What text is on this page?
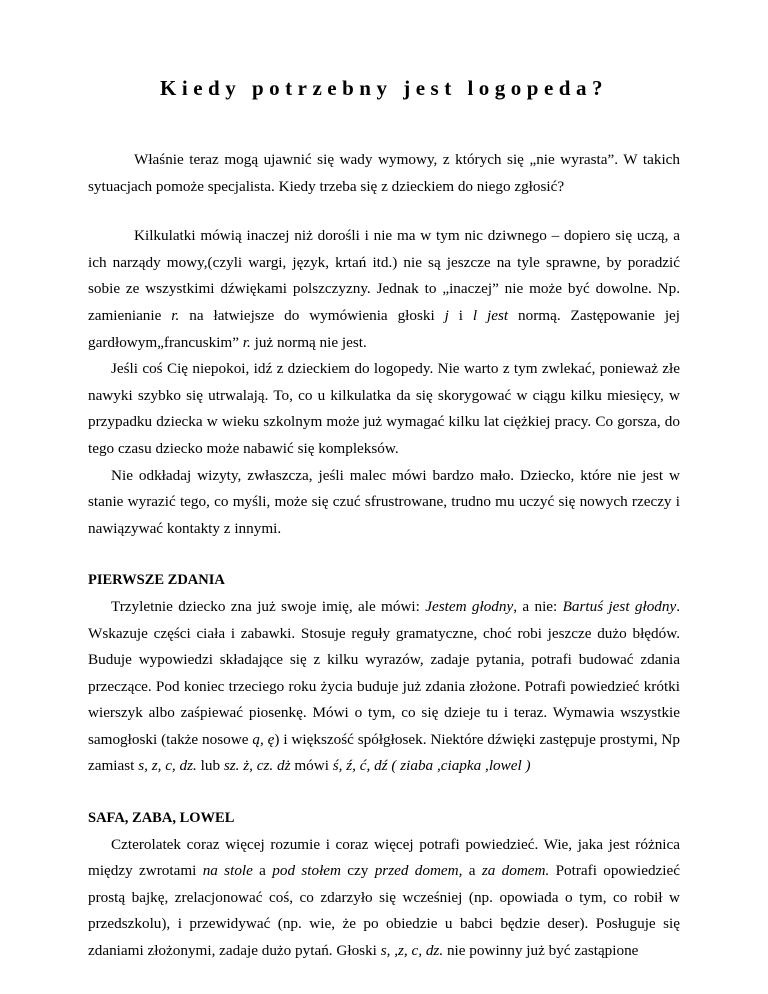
Kiedy potrzebny jest logopeda?

Właśnie teraz mogą ujawnić się wady wymowy, z których się „nie wyrasta”. W takich sytuacjach pomoże specjalista. Kiedy trzeba się z dzieckiem do niego zgłosić?

Kilkulatki mówią inaczej niż dorośli i nie ma w tym nic dziwnego – dopiero się uczą, a ich narządy mowy,(czyli wargi, język, krtań itd.) nie są jeszcze na tyle sprawne, by poradzić sobie ze wszystkimi dźwiękami polszczyzny. Jednak to „inaczej” nie może być dowolne. Np. zamienianie r. na łatwiejsze do wymówienia głoski j i l jest normą. Zastępowanie jej gardłowym„francuskim” r. już normą nie jest.

Jeśli coś Cię niepokoi, idź z dzieckiem do logopedy. Nie warto z tym zwlekać, ponieważ złe nawyki szybko się utrwalają. To, co u kilkulatka da się skorygować w ciągu kilku miesięcy, w przypadku dziecka w wieku szkolnym może już wymagać kilku lat ciężkiej pracy. Co gorsza, do tego czasu dziecko może nabawić się kompleksów.

Nie odkładaj wizyty, zwłaszcza, jeśli malec mówi bardzo mało. Dziecko, które nie jest w stanie wyrazić tego, co myśli, może się czuć sfrustrowane, trudno mu uczyć się nowych rzeczy i nawiązywać kontakty z innymi.

PIERWSZE ZDANIA

Trzyletnie dziecko zna już swoje imię, ale mówi: Jestem głodny, a nie: Bartuś jest głodny. Wskazuje części ciała i zabawki. Stosuje reguły gramatyczne, choć robi jeszcze dużo błędów. Buduje wypowiedzi składające się z kilku wyrazów, zadaje pytania, potrafi budować zdania przeczące. Pod koniec trzeciego roku życia buduje już zdania złożone. Potrafi powiedzieć krótki wierszyk albo zaśpiewać piosenkę. Mówi o tym, co się dzieje tu i teraz. Wymawia wszystkie samogłoski (także nosowe ą, ę) i większość spółgłosek. Niektóre dźwięki zastępuje prostymi, Np zamiast s, z, c, dz. lub sz. ż, cz. dż mówi ś, ź, ć, dź ( ziaba ,ciapka ,lowel )

SAFA, ZABA, LOWEL

Czterolatek coraz więcej rozumie i coraz więcej potrafi powiedzieć. Wie, jaka jest różnica między zwrotami na stole a pod stołem czy przed domem, a za domem. Potrafi opowiedzieć prostą bajkę, zrelacjonować coś, co zdarzyło się wcześniej (np. opowiada o tym, co robił w przedszkolu), i przewidywać (np. wie, że po obiedzie u babci będzie deser). Posługuje się zdaniami złożonymi, zadaje dużo pytań. Głoski s, ,z, c, dz. nie powinny już być zastąpione
